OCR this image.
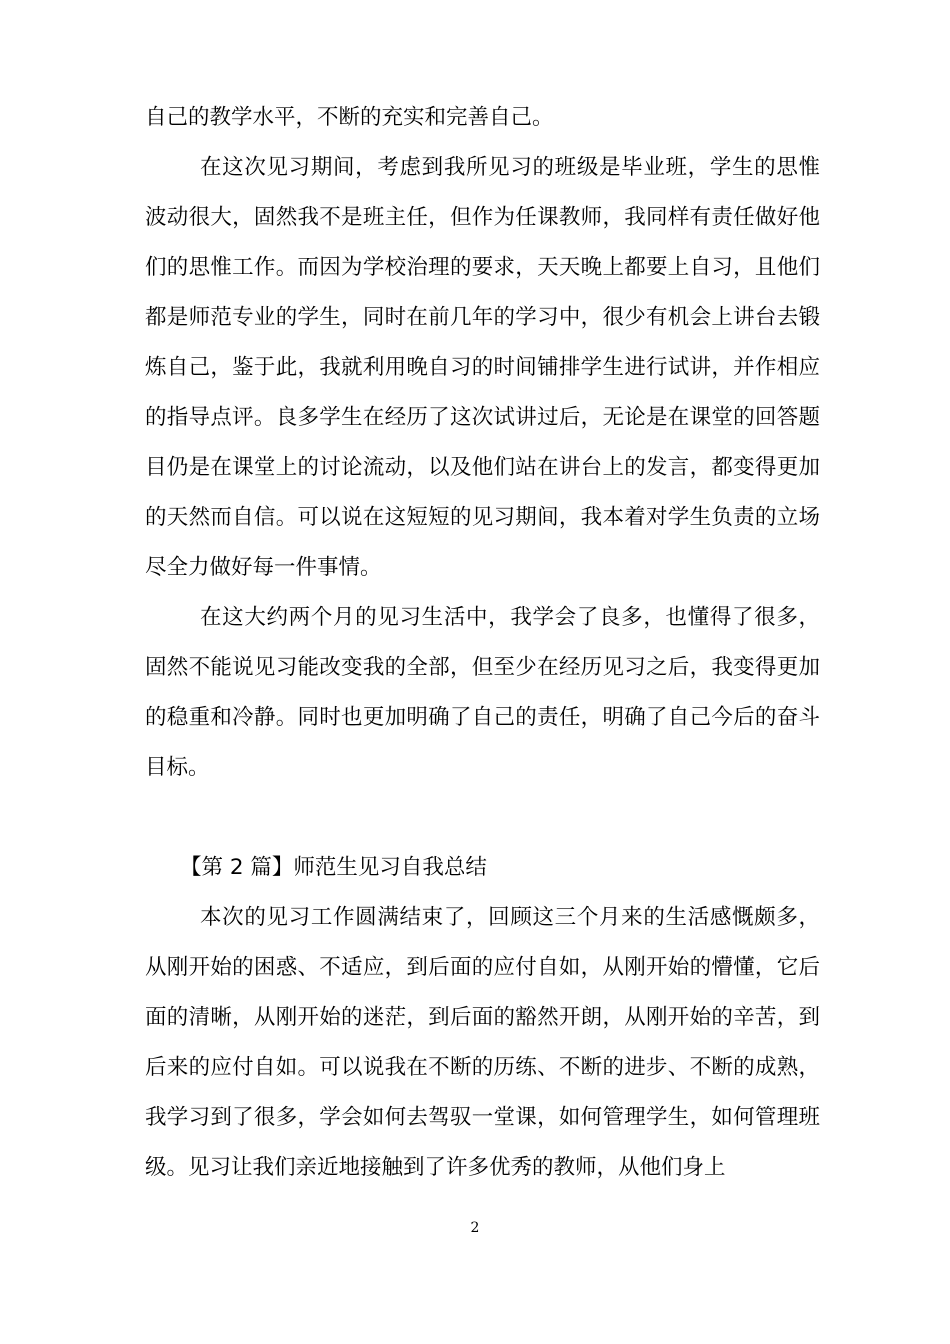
自己的教学水平，不断的充实和完善自己。

在这次见习期间，考虑到我所见习的班级是毕业班，学生的思惟波动很大，固然我不是班主任，但作为任课教师，我同样有责任做好他们的思惟工作。而因为学校治理的要求，天天晚上都要上自习，且他们都是师范专业的学生，同时在前几年的学习中，很少有机会上讲台去锻炼自己，鉴于此，我就利用晚自习的时间铺排学生进行试讲，并作相应的指导点评。良多学生在经历了这次试讲过后，无论是在课堂的回答题目仍是在课堂上的讨论流动，以及他们站在讲台上的发言，都变得更加的天然而自信。可以说在这短短的见习期间，我本着对学生负责的立场尽全力做好每一件事情。

在这大约两个月的见习生活中，我学会了良多，也懂得了很多，固然不能说见习能改变我的全部，但至少在经历见习之后，我变得更加的稳重和冷静。同时也更加明确了自己的责任，明确了自己今后的奋斗目标。

【第 2 篇】师范生见习自我总结

本次的见习工作圆满结束了，回顾这三个月来的生活感慨颇多，从刚开始的困惑、不适应，到后面的应付自如，从刚开始的懵懂，它后面的清晰，从刚开始的迷茫，到后面的豁然开朗，从刚开始的辛苦，到后来的应付自如。可以说我在不断的历练、不断的进步、不断的成熟，我学习到了很多，学会如何去驾驭一堂课，如何管理学生，如何管理班级。见习让我们亲近地接触到了许多优秀的教师，从他们身上

2
